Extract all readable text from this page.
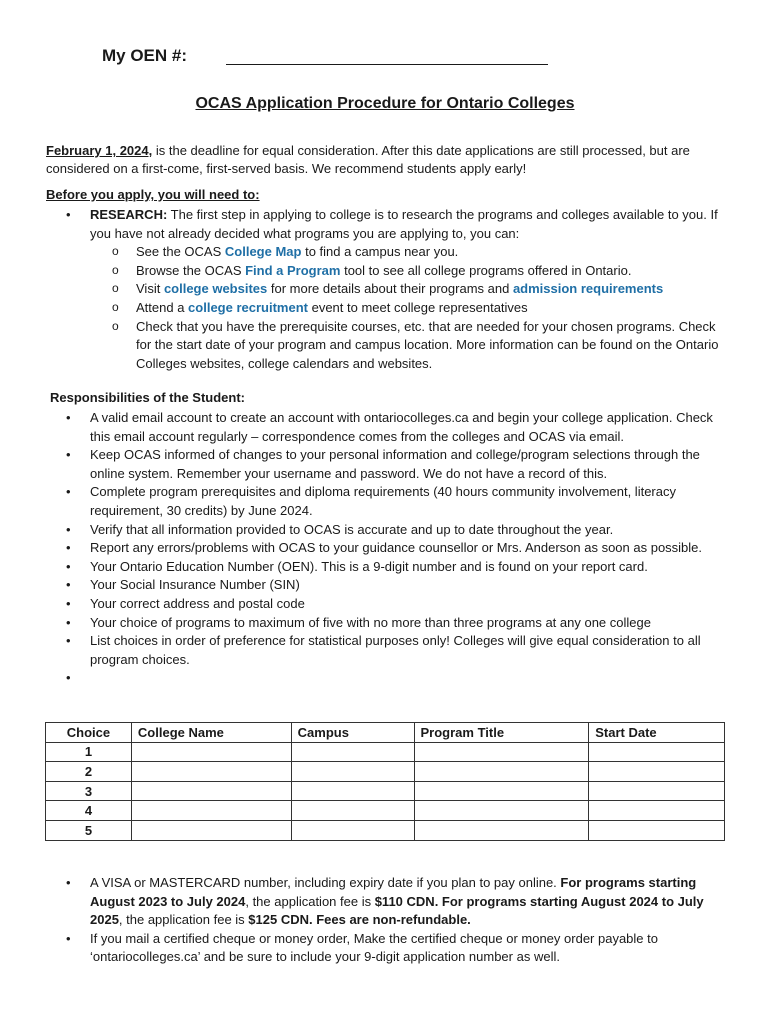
My OEN #:
OCAS Application Procedure for Ontario Colleges
February 1, 2024, is the deadline for equal consideration. After this date applications are still processed, but are considered on a first-come, first-served basis. We recommend students apply early!
Before you apply, you will need to:
• RESEARCH: The first step in applying to college is to research the programs and colleges available to you. If you have not already decided what programs you are applying to, you can:
o See the OCAS College Map to find a campus near you.
o Browse the OCAS Find a Program tool to see all college programs offered in Ontario.
o Visit college websites for more details about their programs and admission requirements
o Attend a college recruitment event to meet college representatives
o Check that you have the prerequisite courses, etc. that are needed for your chosen programs. Check for the start date of your program and campus location. More information can be found on the Ontario Colleges websites, college calendars and websites.
Responsibilities of the Student:
• A valid email account to create an account with ontariocolleges.ca and begin your college application. Check this email account regularly – correspondence comes from the colleges and OCAS via email.
• Keep OCAS informed of changes to your personal information and college/program selections through the online system. Remember your username and password. We do not have a record of this.
• Complete program prerequisites and diploma requirements (40 hours community involvement, literacy requirement, 30 credits) by June 2024.
• Verify that all information provided to OCAS is accurate and up to date throughout the year.
• Report any errors/problems with OCAS to your guidance counsellor or Mrs. Anderson as soon as possible.
• Your Ontario Education Number (OEN). This is a 9-digit number and is found on your report card.
• Your Social Insurance Number (SIN)
• Your correct address and postal code
• Your choice of programs to maximum of five with no more than three programs at any one college
• List choices in order of preference for statistical purposes only! Colleges will give equal consideration to all program choices.
•
Choice	College Name	Campus	Program Title	Start Date
1				
2				
3				
4				
5				
• A VISA or MASTERCARD number, including expiry date if you plan to pay online. For programs starting August 2023 to July 2024, the application fee is $110 CDN. For programs starting August 2024 to July 2025, the application fee is $125 CDN. Fees are non-refundable.
• If you mail a certified cheque or money order, Make the certified cheque or money order payable to ‘ontariocolleges.ca’ and be sure to include your 9-digit application number as well.
